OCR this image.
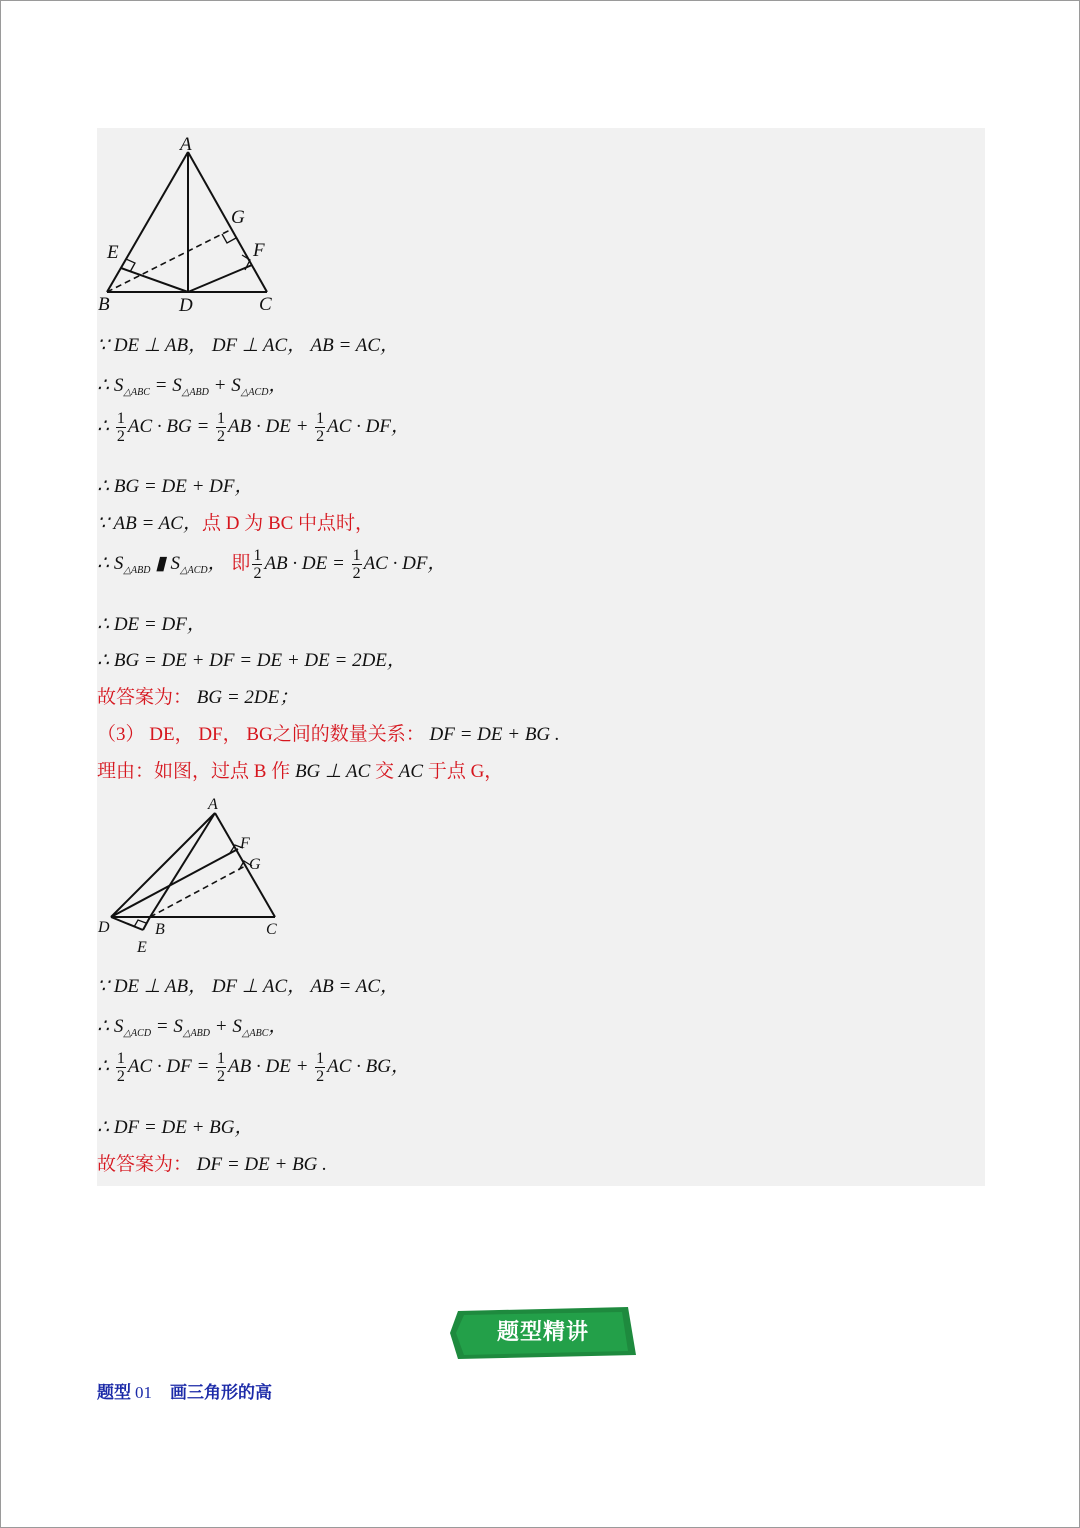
A
B	C
D
E	F
G
∵ DE ⊥ AB， DF ⊥ AC， AB = AC，
∴ $S_{\triangle ABC} = S_{\triangle ABD} + S_{\triangle ACD}$，
∴ $\frac{1}{2}$ AC · BG = $\frac{1}{2}$ AB · DE + $\frac{1}{2}$ AC · DF，
∴ BG = DE + DF，
∵ AB = AC，点 D 为 BC 中点时，
∴ $S_{\triangle ABD}$ ▮ $S_{\triangle ACD}$， 即 $\frac{1}{2}$ AB · DE = $\frac{1}{2}$ AC · DF，
∴ DE = DF，
∴ BG = DE + DF = DE + DE = 2DE，
故答案为： BG = 2DE；
（3） DE， DF， BG之间的数量关系： DF = DE + BG .
理由：如图，过点 B 作 BG ⊥ AC 交 AC 于点 G，
A
B	C
D
E
F
G
∵ DE ⊥ AB， DF ⊥ AC， AB = AC，
∴ $S_{\triangle ACD} = S_{\triangle ABD} + S_{\triangle ABC}$，
∴ $\frac{1}{2}$ AC · DF = $\frac{1}{2}$ AB · DE + $\frac{1}{2}$ AC · BG，
∴ DF = DE + BG，
故答案为： DF = DE + BG .
题型精讲
题型 01 画三角形的高
